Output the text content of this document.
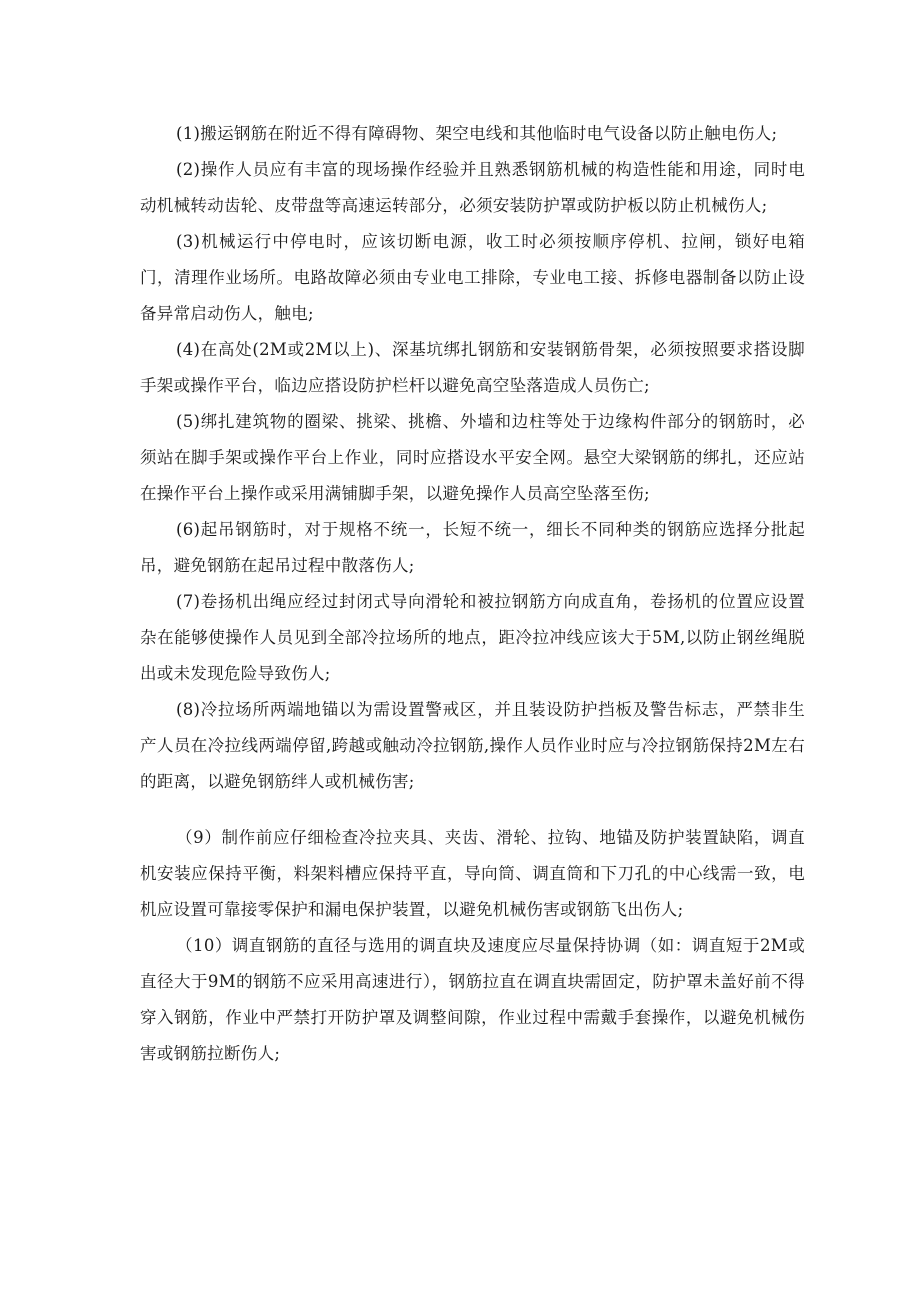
(1)搬运钢筋在附近不得有障碍物、架空电线和其他临时电气设备以防止触电伤人;

(2)操作人员应有丰富的现场操作经验并且熟悉钢筋机械的构造性能和用途，同时电动机械转动齿轮、皮带盘等高速运转部分，必须安装防护罩或防护板以防止机械伤人;

(3)机械运行中停电时，应该切断电源，收工时必须按顺序停机、拉闸，锁好电箱门，清理作业场所。电路故障必须由专业电工排除，专业电工接、拆修电器制备以防止设备异常启动伤人，触电;

(4)在高处(2M或2M以上)、深基坑绑扎钢筋和安装钢筋骨架，必须按照要求搭设脚手架或操作平台，临边应搭设防护栏杆以避免高空坠落造成人员伤亡;

(5)绑扎建筑物的圈梁、挑梁、挑檐、外墙和边柱等处于边缘构件部分的钢筋时，必须站在脚手架或操作平台上作业，同时应搭设水平安全网。悬空大梁钢筋的绑扎，还应站在操作平台上操作或采用满铺脚手架，以避免操作人员高空坠落至伤;

(6)起吊钢筋时，对于规格不统一，长短不统一，细长不同种类的钢筋应选择分批起吊，避免钢筋在起吊过程中散落伤人;

(7)卷扬机出绳应经过封闭式导向滑轮和被拉钢筋方向成直角，卷扬机的位置应设置杂在能够使操作人员见到全部冷拉场所的地点，距冷拉冲线应该大于5M,以防止钢丝绳脱出或未发现危险导致伤人;

(8)冷拉场所两端地锚以为需设置警戒区，并且装设防护挡板及警告标志，严禁非生产人员在冷拉线两端停留,跨越或触动冷拉钢筋,操作人员作业时应与冷拉钢筋保持2M左右的距离，以避免钢筋绊人或机械伤害;

（9）制作前应仔细检查冷拉夹具、夹齿、滑轮、拉钩、地锚及防护装置缺陷，调直机安装应保持平衡，料架料槽应保持平直，导向筒、调直筒和下刀孔的中心线需一致，电机应设置可靠接零保护和漏电保护装置，以避免机械伤害或钢筋飞出伤人;

（10）调直钢筋的直径与选用的调直块及速度应尽量保持协调（如：调直短于2M或直径大于9M的钢筋不应采用高速进行），钢筋拉直在调直块需固定，防护罩未盖好前不得穿入钢筋，作业中严禁打开防护罩及调整间隙，作业过程中需戴手套操作，以避免机械伤害或钢筋拉断伤人;
